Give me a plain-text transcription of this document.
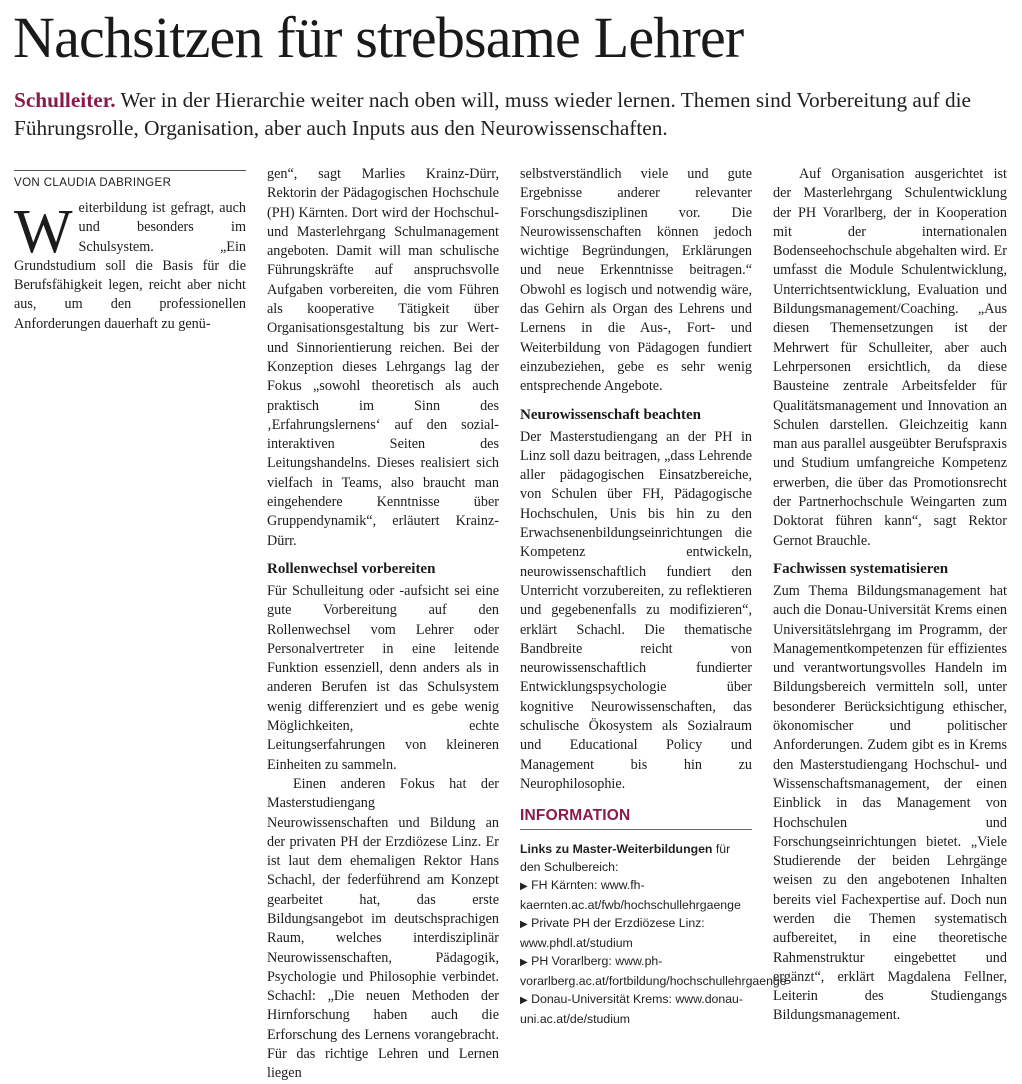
Nachsitzen für strebsame Lehrer

Schulleiter. Wer in der Hierarchie weiter nach oben will, muss wieder lernen. Themen sind Vorbereitung auf die Führungsrolle, Organisation, aber auch Inputs aus den Neurowissenschaften.

VON CLAUDIA DABRINGER

Weiterbildung ist gefragt, auch und besonders im Schulsystem. „Ein Grundstudium soll die Basis für die Berufsfähigkeit legen, reicht aber nicht aus, um den professionellen Anforderungen dauerhaft zu genü-

gen“, sagt Marlies Krainz-Dürr, Rektorin der Pädagogischen Hochschule (PH) Kärnten. Dort wird der Hochschul- und Masterlehrgang Schulmanagement angeboten. Damit will man schulische Führungskräfte auf anspruchsvolle Aufgaben vorbereiten, die vom Führen als kooperative Tätigkeit über Organisationsgestaltung bis zur Wert- und Sinnorientierung reichen. Bei der Konzeption dieses Lehrgangs lag der Fokus „sowohl theoretisch als auch praktisch im Sinn des ‚Erfahrungslernens‘ auf den sozial-interaktiven Seiten des Leitungshandelns. Dieses realisiert sich vielfach in Teams, also braucht man eingehendere Kenntnisse über Gruppendynamik“, erläutert Krainz-Dürr.

Rollenwechsel vorbereiten

Für Schulleitung oder -aufsicht sei eine gute Vorbereitung auf den Rollenwechsel vom Lehrer oder Personalvertreter in eine leitende Funktion essenziell, denn anders als in anderen Berufen ist das Schulsystem wenig differenziert und es gebe wenig Möglichkeiten, echte Leitungserfahrungen von kleineren Einheiten zu sammeln.

Einen anderen Fokus hat der Masterstudiengang Neurowissenschaften und Bildung an der privaten PH der Erzdiözese Linz. Er ist laut dem ehemaligen Rektor Hans Schachl, der federführend am Konzept gearbeitet hat, das erste Bildungsangebot im deutschsprachigen Raum, welches interdisziplinär Neurowissenschaften, Pädagogik, Psychologie und Philosophie verbindet. Schachl: „Die neuen Methoden der Hirnforschung haben auch die Erforschung des Lernens vorangebracht. Für das richtige Lehren und Lernen liegen

selbstverständlich viele und gute Ergebnisse anderer relevanter Forschungsdisziplinen vor. Die Neurowissenschaften können jedoch wichtige Begründungen, Erklärungen und neue Erkenntnisse beitragen.“ Obwohl es logisch und notwendig wäre, das Gehirn als Organ des Lehrens und Lernens in die Aus-, Fort- und Weiterbildung von Pädagogen fundiert einzubeziehen, gebe es sehr wenig entsprechende Angebote.

Neurowissenschaft beachten

Der Masterstudiengang an der PH in Linz soll dazu beitragen, „dass Lehrende aller pädagogischen Einsatzbereiche, von Schulen über FH, Pädagogische Hochschulen, Unis bis hin zu den Erwachsenenbildungseinrichtungen die Kompetenz entwickeln, neurowissenschaftlich fundiert den Unterricht vorzubereiten, zu reflektieren und gegebenenfalls zu modifizieren“, erklärt Schachl. Die thematische Bandbreite reicht von neurowissenschaftlich fundierter Entwicklungspsychologie über kognitive Neurowissenschaften, das schulische Ökosystem als Sozialraum und Educational Policy und Management bis hin zu Neurophilosophie.

INFORMATION
Links zu Master-Weiterbildungen für den Schulbereich:
▶ FH Kärnten: www.fh-kaernten.ac.at/fwb/hochschullehrgaenge
▶ Private PH der Erzdiözese Linz: www.phdl.at/studium
▶ PH Vorarlberg: www.ph-vorarlberg.ac.at/fortbildung/hochschullehrgaenge
▶ Donau-Universität Krems: www.donau-uni.ac.at/de/studium

Auf Organisation ausgerichtet ist der Masterlehrgang Schulentwicklung der PH Vorarlberg, der in Kooperation mit der internationalen Bodenseehochschule abgehalten wird. Er umfasst die Module Schulentwicklung, Unterrichtsentwicklung, Evaluation und Bildungsmanagement/Coaching. „Aus diesen Themensetzungen ist der Mehrwert für Schulleiter, aber auch Lehrpersonen ersichtlich, da diese Bausteine zentrale Arbeitsfelder für Qualitätsmanagement und Innovation an Schulen darstellen. Gleichzeitig kann man aus parallel ausgeübter Berufspraxis und Studium umfangreiche Kompetenz erwerben, die über das Promotionsrecht der Partnerhochschule Weingarten zum Doktorat führen kann“, sagt Rektor Gernot Brauchle.

Fachwissen systematisieren

Zum Thema Bildungsmanagement hat auch die Donau-Universität Krems einen Universitätslehrgang im Programm, der Managementkompetenzen für effizientes und verantwortungsvolles Handeln im Bildungsbereich vermitteln soll, unter besonderer Berücksichtigung ethischer, ökonomischer und politischer Anforderungen. Zudem gibt es in Krems den Masterstudiengang Hochschul- und Wissenschaftsmanagement, der einen Einblick in das Management von Hochschulen und Forschungseinrichtungen bietet. „Viele Studierende der beiden Lehrgänge weisen zu den angebotenen Inhalten bereits viel Fachexpertise auf. Doch nun werden die Themen systematisch aufbereitet, in eine theoretische Rahmenstruktur eingebettet und ergänzt“, erklärt Magdalena Fellner, Leiterin des Studiengangs Bildungsmanagement.
